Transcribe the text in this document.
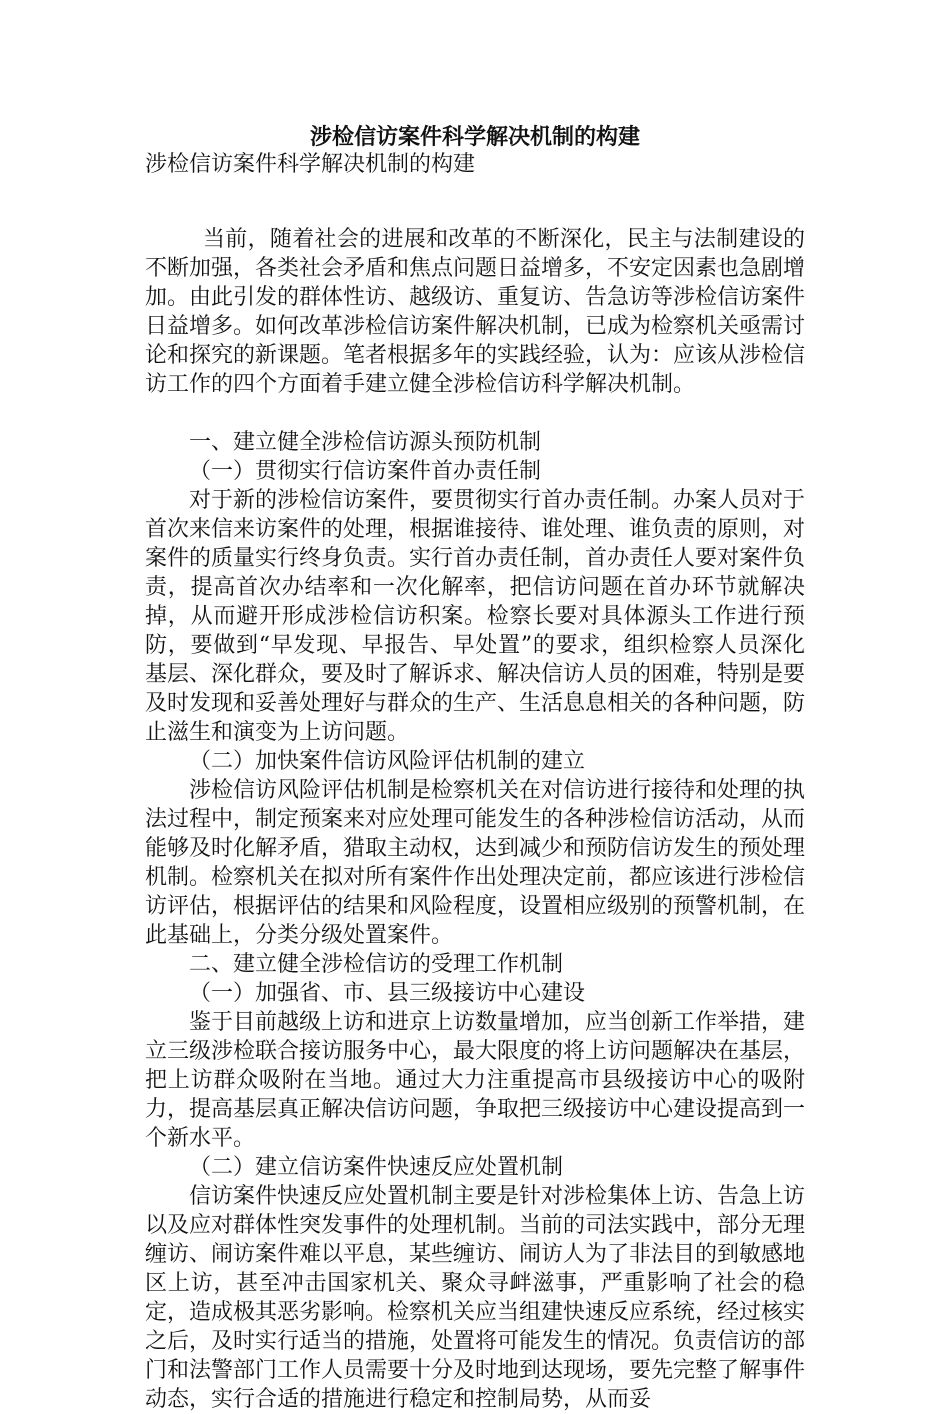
涉检信访案件科学解决机制的构建

涉检信访案件科学解决机制的构建

当前，随着社会的进展和改革的不断深化，民主与法制建设的不断加强，各类社会矛盾和焦点问题日益增多，不安定因素也急剧增加。由此引发的群体性访、越级访、重复访、告急访等涉检信访案件日益增多。如何改革涉检信访案件解决机制，已成为检察机关亟需讨论和探究的新课题。笔者根据多年的实践经验，认为：应该从涉检信访工作的四个方面着手建立健全涉检信访科学解决机制。

一、建立健全涉检信访源头预防机制

（一）贯彻实行信访案件首办责任制

对于新的涉检信访案件，要贯彻实行首办责任制。办案人员对于首次来信来访案件的处理，根据谁接待、谁处理、谁负责的原则，对案件的质量实行终身负责。实行首办责任制，首办责任人要对案件负责，提高首次办结率和一次化解率，把信访问题在首办环节就解决掉，从而避开形成涉检信访积案。检察长要对具体源头工作进行预防，要做到“早发现、早报告、早处置”的要求，组织检察人员深化基层、深化群众，要及时了解诉求、解决信访人员的困难，特别是要及时发现和妥善处理好与群众的生产、生活息息相关的各种问题，防止滋生和演变为上访问题。

（二）加快案件信访风险评估机制的建立

涉检信访风险评估机制是检察机关在对信访进行接待和处理的执法过程中，制定预案来对应处理可能发生的各种涉检信访活动，从而能够及时化解矛盾，猎取主动权，达到减少和预防信访发生的预处理机制。检察机关在拟对所有案件作出处理决定前，都应该进行涉检信访评估，根据评估的结果和风险程度，设置相应级别的预警机制，在此基础上，分类分级处置案件。

二、建立健全涉检信访的受理工作机制

（一）加强省、市、县三级接访中心建设

鉴于目前越级上访和进京上访数量增加，应当创新工作举措，建立三级涉检联合接访服务中心，最大限度的将上访问题解决在基层，把上访群众吸附在当地。通过大力注重提高市县级接访中心的吸附力，提高基层真正解决信访问题，争取把三级接访中心建设提高到一个新水平。

（二）建立信访案件快速反应处置机制

信访案件快速反应处置机制主要是针对涉检集体上访、告急上访以及应对群体性突发事件的处理机制。当前的司法实践中，部分无理缠访、闹访案件难以平息，某些缠访、闹访人为了非法目的到敏感地区上访，甚至冲击国家机关、聚众寻衅滋事，严重影响了社会的稳定，造成极其恶劣影响。检察机关应当组建快速反应系统，经过核实之后，及时实行适当的措施，处置将可能发生的情况。负责信访的部门和法警部门工作人员需要十分及时地到达现场，要先完整了解事件动态，实行合适的措施进行稳定和控制局势，从而妥
